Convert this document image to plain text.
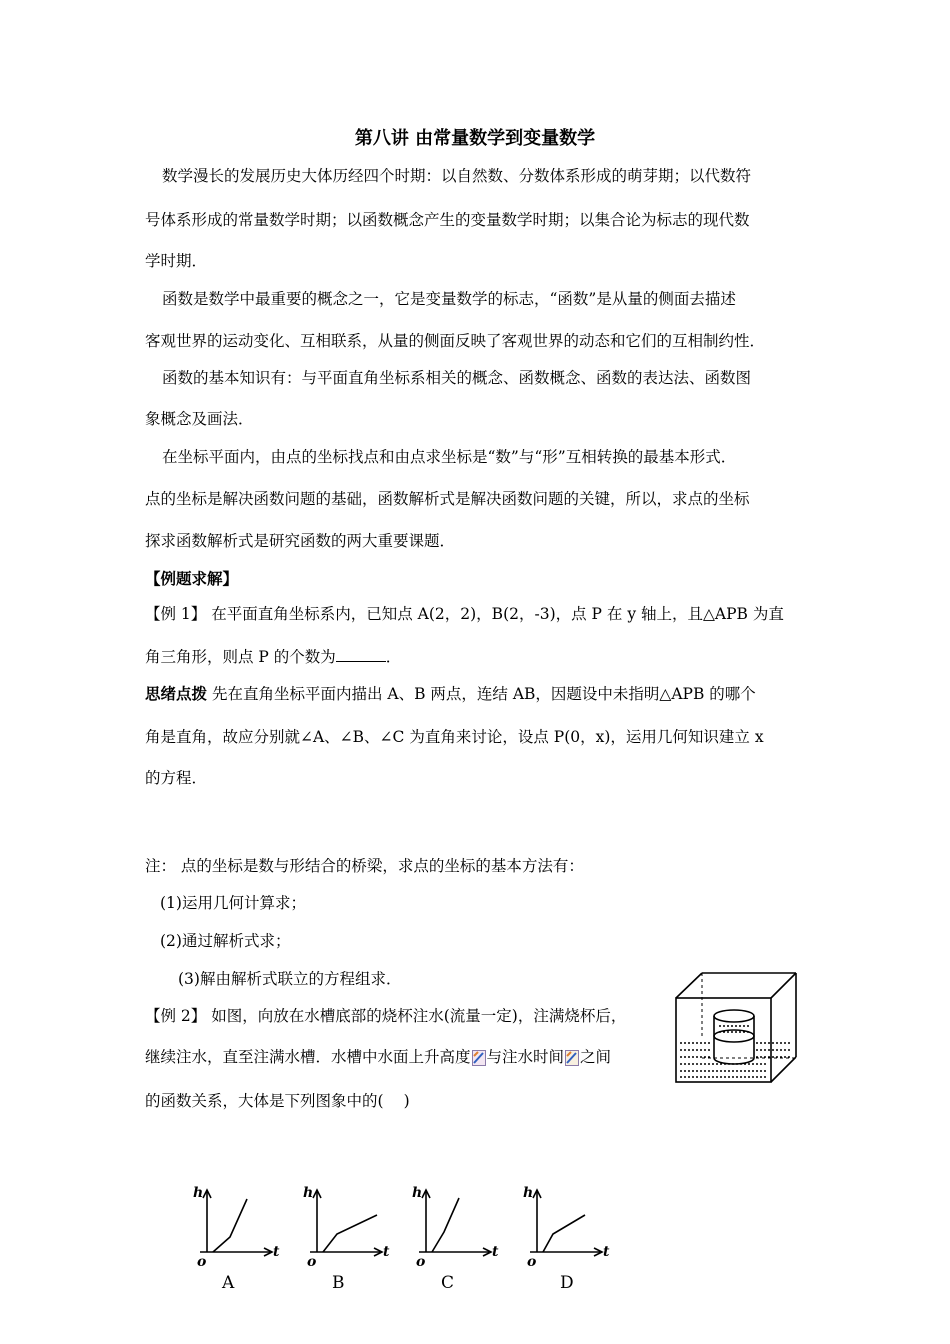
第八讲 由常量数学到变量数学
数学漫长的发展历史大体历经四个时期：以自然数、分数体系形成的萌芽期；以代数符
号体系形成的常量数学时期；以函数概念产生的变量数学时期；以集合论为标志的现代数
学时期．
函数是数学中最重要的概念之一，它是变量数学的标志，“函数”是从量的侧面去描述
客观世界的运动变化、互相联系，从量的侧面反映了客观世界的动态和它们的互相制约性．
函数的基本知识有：与平面直角坐标系相关的概念、函数概念、函数的表达法、函数图
象概念及画法．
在坐标平面内，由点的坐标找点和由点求坐标是“数”与“形”互相转换的最基本形式．
点的坐标是解决函数问题的基础，函数解析式是解决函数问题的关键，所以，求点的坐标
探求函数解析式是研究函数的两大重要课题．
【例题求解】
【例 1】 在平面直角坐标系内，已知点 A(2，2)，B(2，-3)，点 P 在 y 轴上，且△APB 为直
角三角形，则点 P 的个数为	．
思绪点拨 先在直角坐标平面内描出 A、B 两点，连结 AB，因题设中未指明△APB 的哪个
角是直角，故应分别就∠A、∠B、∠C 为直角来讨论，设点 P(0，x)，运用几何知识建立 x
的方程．
注： 点的坐标是数与形结合的桥梁，求点的坐标的基本方法有：
(1)运用几何计算求；
(2)通过解析式求；
(3)解由解析式联立的方程组求．
【例 2】 如图，向放在水槽底部的烧杯注水(流量一定)，注满烧杯后，
继续注水，直至注满水槽．水槽中水面上升高度 与注水时间 之间
的函数关系，大体是下列图象中的( )
h
t
o
A
h
t
o
B
h
t
o
C
h
t
o
D
